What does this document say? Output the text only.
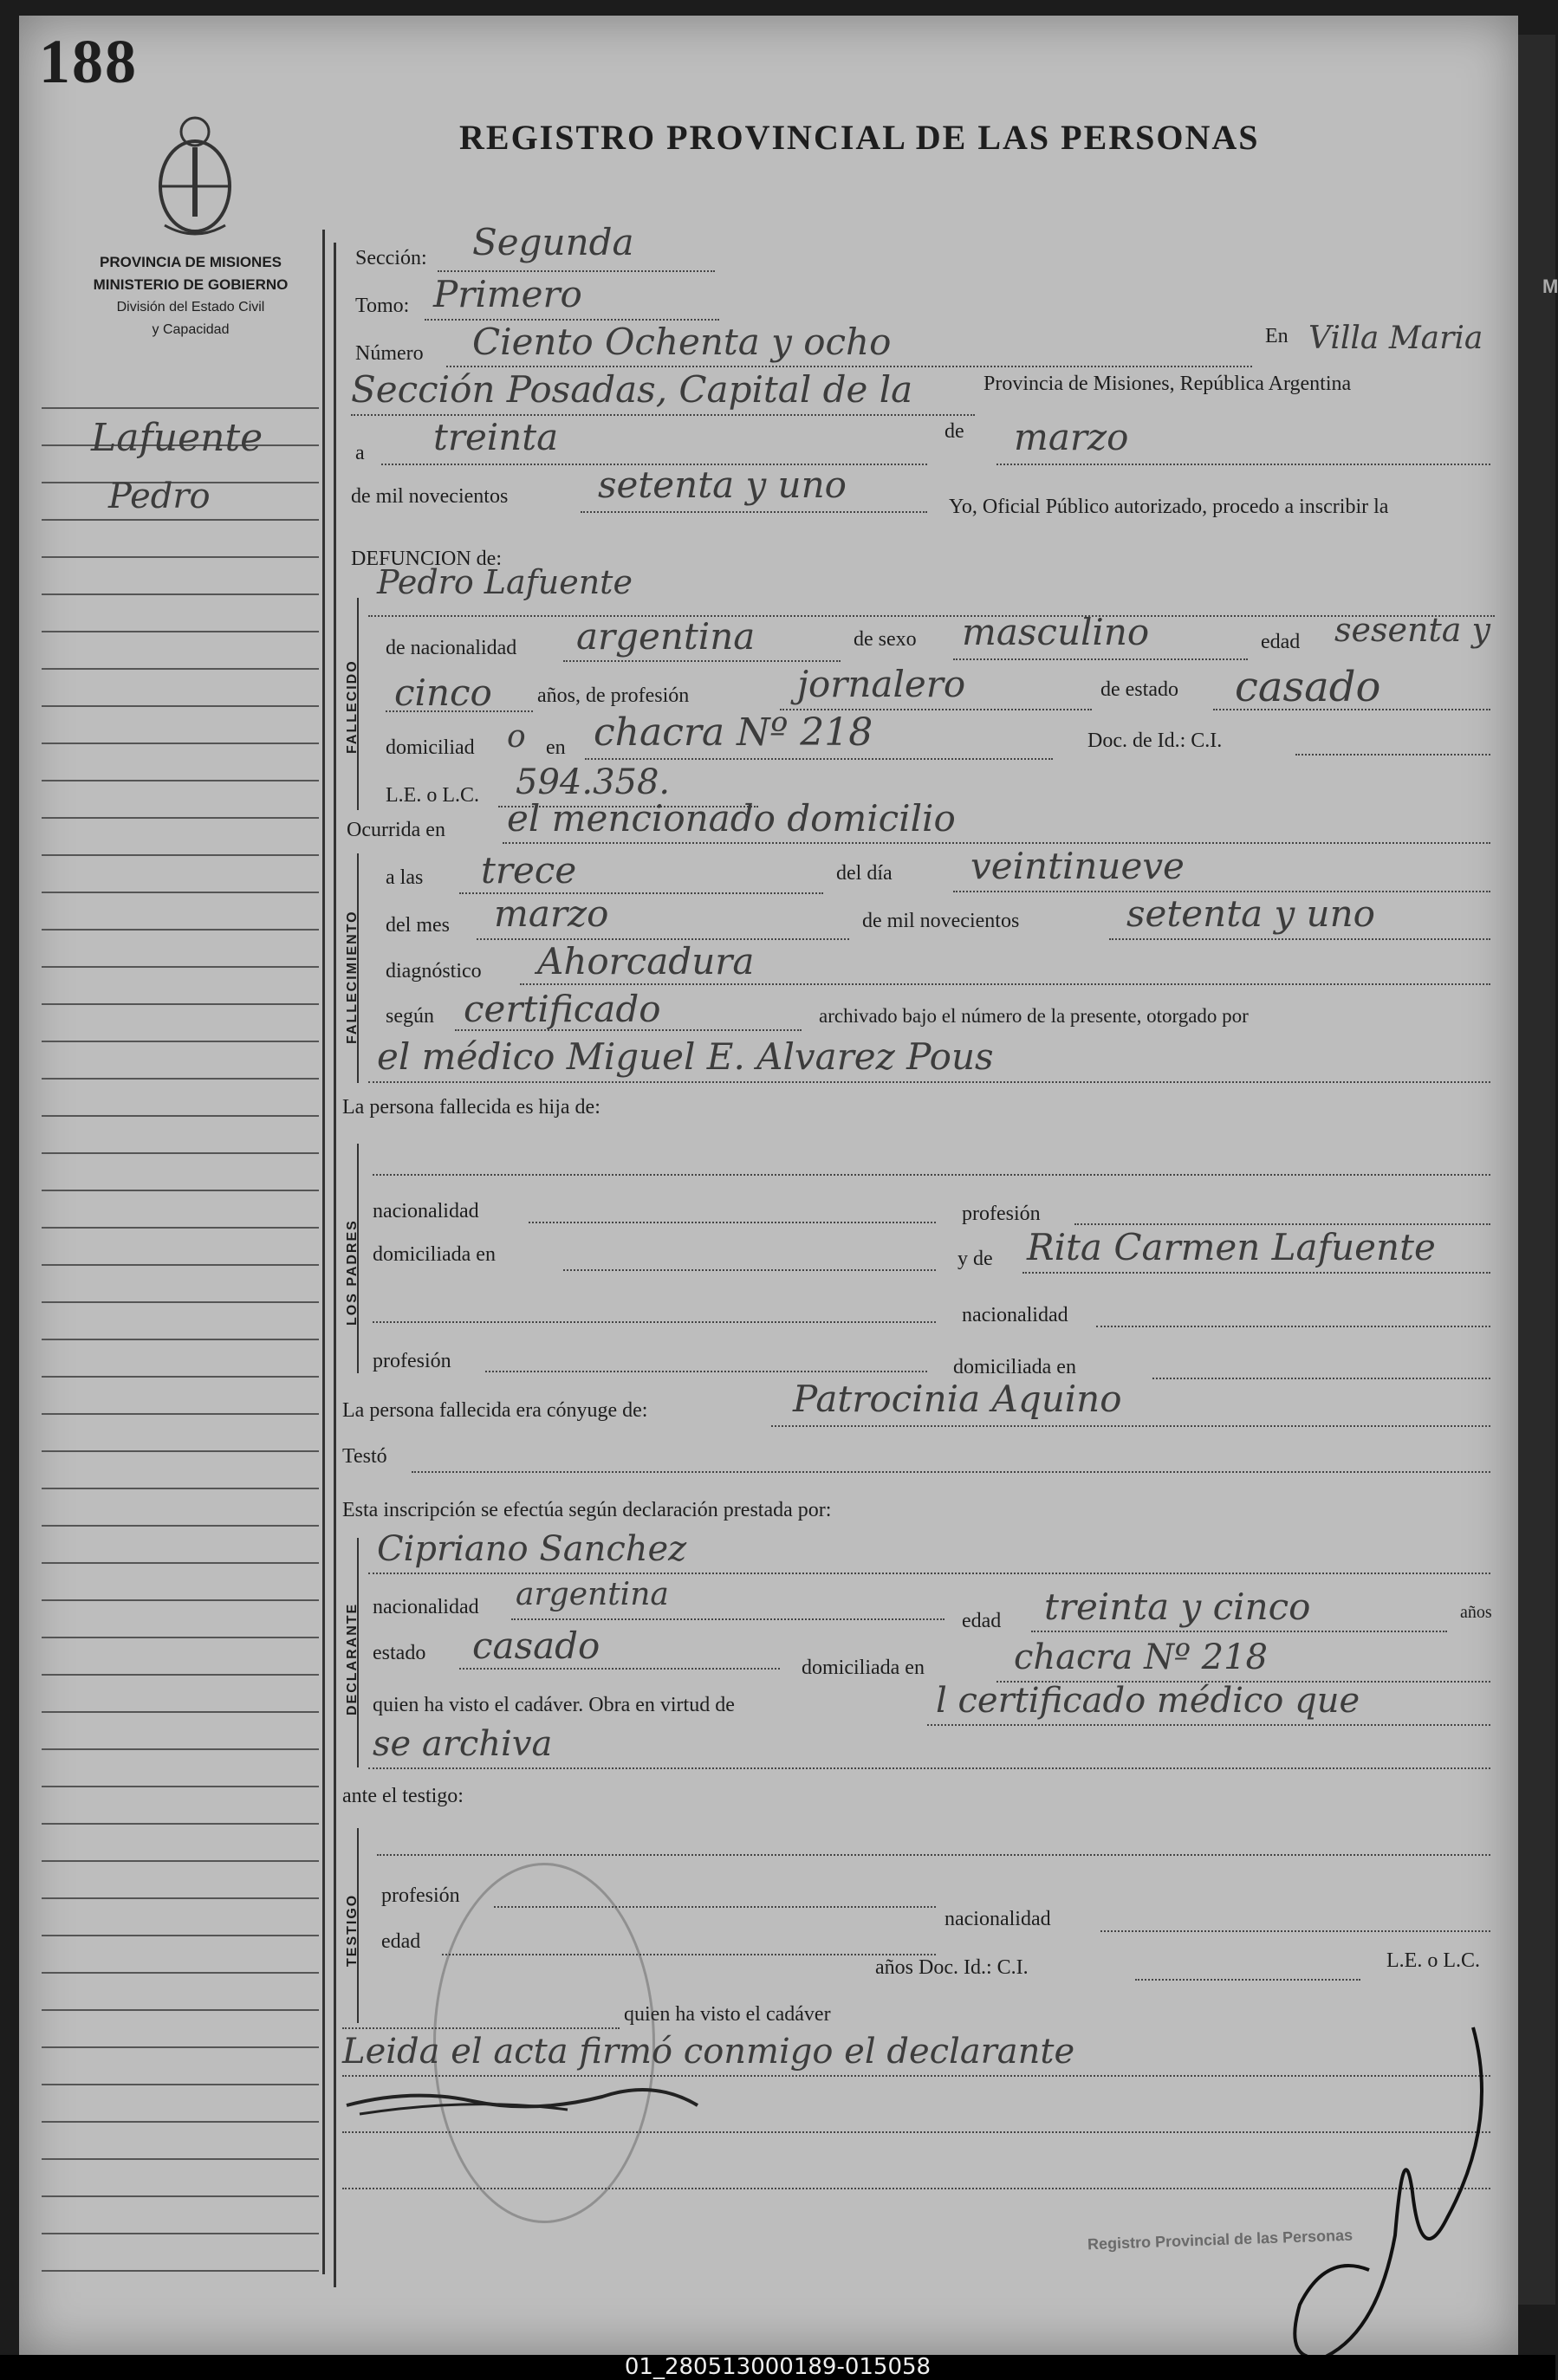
M
188
REGISTRO PROVINCIAL DE LAS PERSONAS
PROVINCIA DE MISIONES
MINISTERIO DE GOBIERNO
División del Estado Civil
y Capacidad
Lafuente
Pedro
Sección: Segunda
Tomo: Primero
Número Ciento Ochenta y ocho	En Villa Maria
Sección Posadas, Capital de la	Provincia de Misiones, República Argentina
a treinta	de marzo
de mil novecientos setenta y uno
Yo, Oficial Público autorizado, procedo a inscribir la DEFUNCION de:
FALLECIDO
Pedro Lafuente
de nacionalidad argentina	de sexo masculino	edad sesenta y
cinco años, de profesión	jornalero	de estado casado
domiciliad o en chacra Nº 218	Doc. de Id.: C.I.
L.E. o L.C. 594.358.
Ocurrida en el mencionado domicilio
FALLECIMIENTO
a las trece	del día veintinueve
del mes marzo	de mil novecientos	setenta y uno
diagnóstico Ahorcadura
según certificado	archivado bajo el número de la presente, otorgado por
el médico Miguel E. Alvarez Pous
La persona fallecida es hija de:
LOS PADRES
nacionalidad	profesión
domiciliada en	y de Rita Carmen Lafuente
nacionalidad
profesión	domiciliada en
La persona fallecida era cónyuge de:	Patrocinia Aquino
Testó
Esta inscripción se efectúa según declaración prestada por:
DECLARANTE
Cipriano Sanchez
nacionalidad argentina
edad treinta y cinco	años
estado casado
domiciliada en	chacra Nº 218
quien ha visto el cadáver. Obra en virtud de	l certificado médico que
se archiva
ante el testigo:
TESTIGO profesión
nacionalidad
edad
años Doc. Id.: C.I.	L.E. o L.C.
quien ha visto el cadáver
Leida el acta firmó conmigo el declarante
Registro Provincial de las Personas
01_280513000189-015058
